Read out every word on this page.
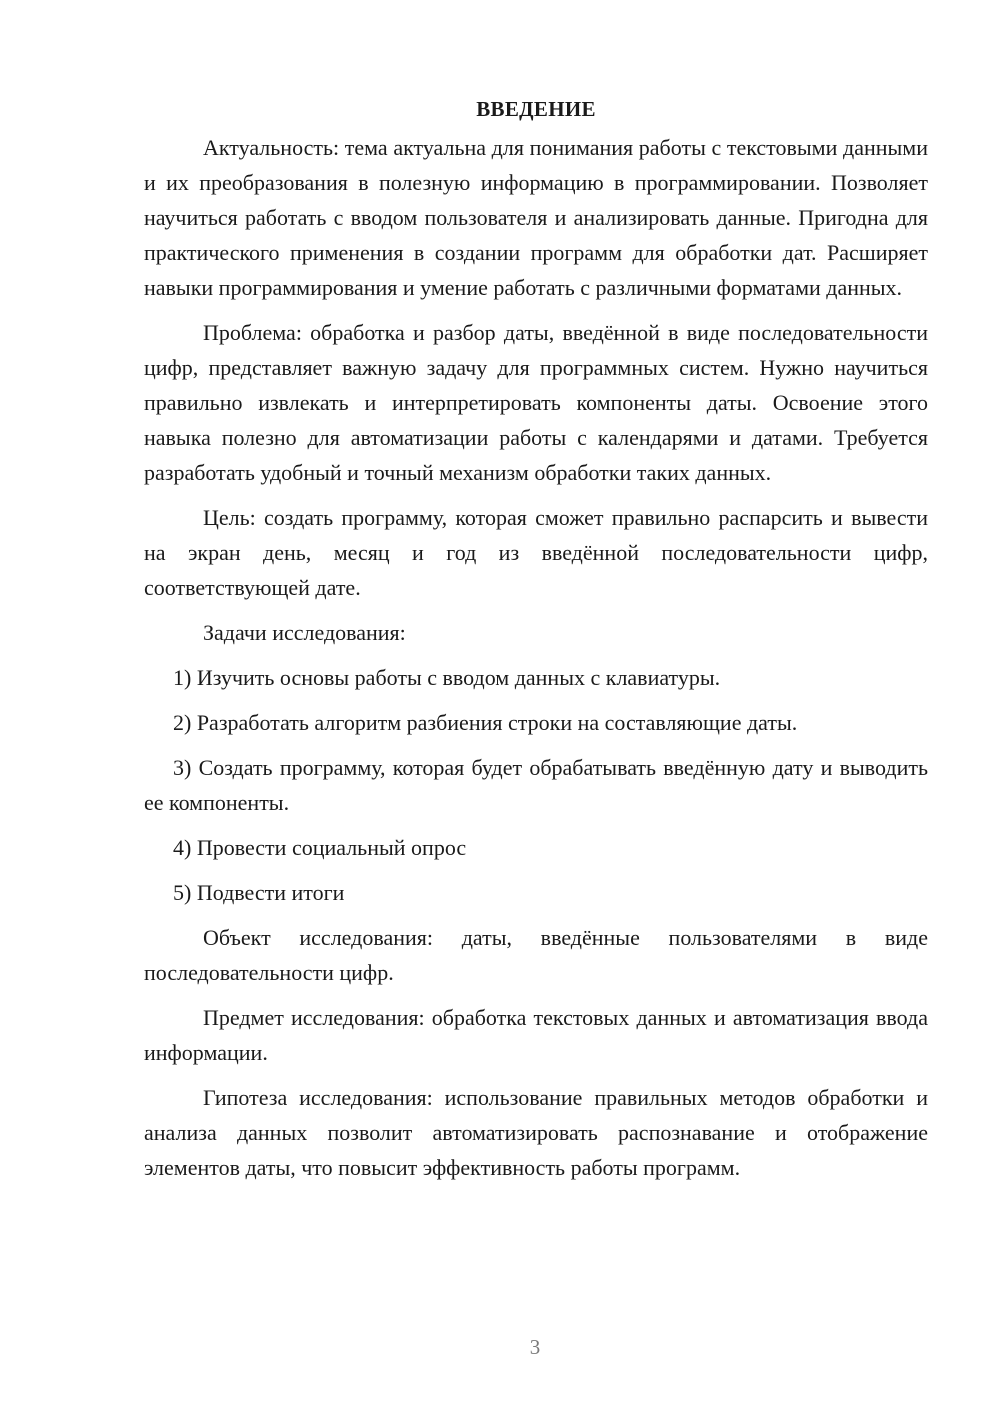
ВВЕДЕНИЕ

Актуальность: тема актуальна для понимания работы с текстовыми данными и их преобразования в полезную информацию в программировании. Позволяет научиться работать с вводом пользователя и анализировать данные. Пригодна для практического применения в создании программ для обработки дат. Расширяет навыки программирования и умение работать с различными форматами данных.

Проблема: обработка и разбор даты, введённой в виде последовательности цифр, представляет важную задачу для программных систем. Нужно научиться правильно извлекать и интерпретировать компоненты даты. Освоение этого навыка полезно для автоматизации работы с календарями и датами. Требуется разработать удобный и точный механизм обработки таких данных.

Цель: создать программу, которая сможет правильно распарсить и вывести на экран день, месяц и год из введённой последовательности цифр, соответствующей дате.

Задачи исследования:

1) Изучить основы работы с вводом данных с клавиатуры.

2) Разработать алгоритм разбиения строки на составляющие даты.

3) Создать программу, которая будет обрабатывать введённую дату и выводить ее компоненты.

4) Провести социальный опрос

5) Подвести итоги

Объект исследования: даты, введённые пользователями в виде последовательности цифр.

Предмет исследования: обработка текстовых данных и автоматизация ввода информации.

Гипотеза исследования: использование правильных методов обработки и анализа данных позволит автоматизировать распознавание и отображение элементов даты, что повысит эффективность работы программ.

3
